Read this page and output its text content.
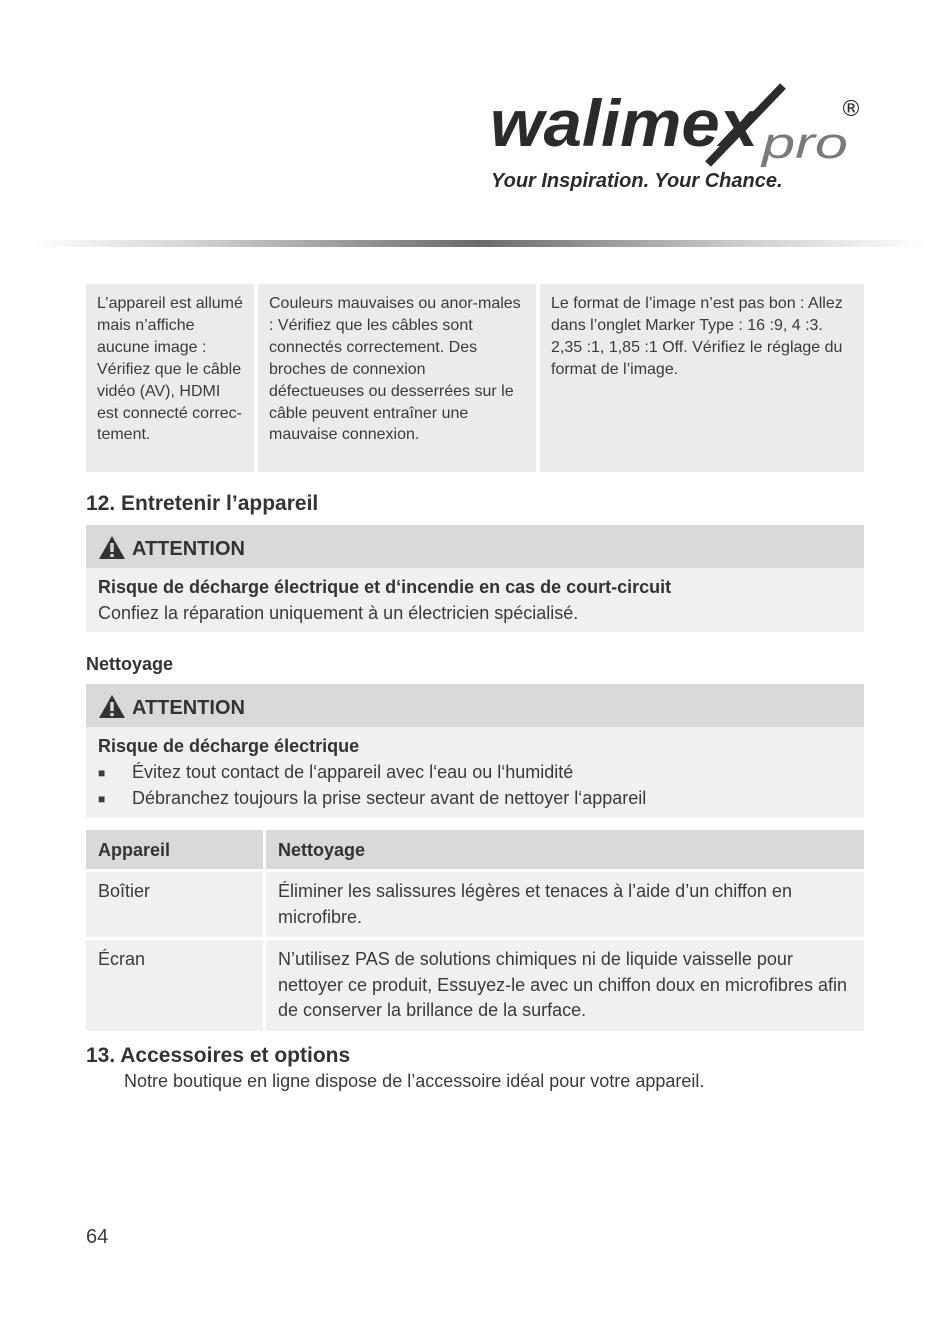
walimex
pro
®
Your Inspiration. Your Chance.
L’appareil est allumé mais n’affiche aucune image : Vérifiez que le câble vidéo (AV), HDMI est connecté correc-tement.
Couleurs mauvaises ou anor-males : Vérifiez que les câbles sont connectés correctement. Des broches de connexion défectueuses ou desserrées sur le câble peuvent entraîner une mauvaise connexion.
Le format de l’image n’est pas bon : Allez dans l’onglet Marker Type : 16 :9, 4 :3. 2,35 :1, 1,85 :1 Off. Vérifiez le réglage du format de l’image.
12. Entretenir l’appareil
ATTENTION
Risque de décharge électrique et d‘incendie en cas de court-circuit
Confiez la réparation uniquement à un électricien spécialisé.
Nettoyage
ATTENTION
Risque de décharge électrique
■	Évitez tout contact de l‘appareil avec l‘eau ou l‘humidité
■	Débranchez toujours la prise secteur avant de nettoyer l‘appareil
Appareil	Nettoyage
Boîtier	Éliminer les salissures légères et tenaces à l’aide d’un chiffon en microfibre.
Écran	N’utilisez PAS de solutions chimiques ni de liquide vaisselle pour nettoyer ce produit, Essuyez-le avec un chiffon doux en microfibres afin de conserver la brillance de la surface.
13. Accessoires et options
Notre boutique en ligne dispose de l’accessoire idéal pour votre appareil.
64
